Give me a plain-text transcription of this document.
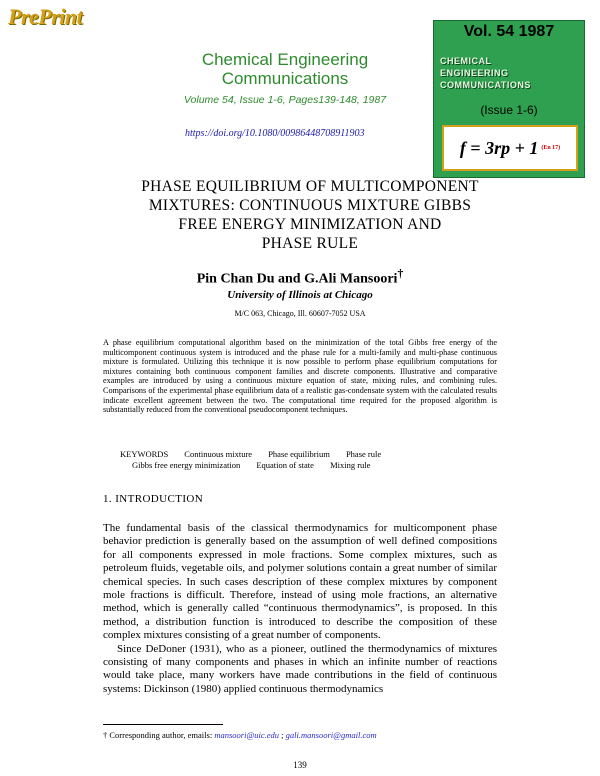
PrePrint
Chemical Engineering
Communications
Volume 54, Issue 1-6, Pages139-148, 1987
https://doi.org/10.1080/00986448708911903
Vol. 54 1987
CHEMICAL
ENGINEERING
COMMUNICATIONS
(Issue 1-6)
f = 3rp + 1 (En 17)
PHASE EQUILIBRIUM OF MULTICOMPONENT
MIXTURES: CONTINUOUS MIXTURE GIBBS
FREE ENERGY MINIMIZATION AND
PHASE RULE
Pin Chan Du and G.Ali Mansoori†
University of Illinois at Chicago
M/C 063, Chicago, Ill. 60607-7052 USA
A phase equilibrium computational algorithm based on the minimization of the total Gibbs free energy of the multicomponent continuous system is introduced and the phase rule for a multi-family and multi-phase continuous mixture is formulated. Utilizing this technique it is now possible to perform phase equilibrium computations for mixtures containing both continuous component families and discrete components. Illustrative and comparative examples are introduced by using a continuous mixture equation of state, mixing rules, and combining rules. Comparisons of the experimental phase equilibrium data of a realistic gas-condensate system with the calculated results indicate excellent agreement between the two. The computational time required for the proposed algorithm is substantially reduced from the conventional pseudocomponent techniques.
KEYWORDS Continuous mixture Phase equilibrium Phase rule
Gibbs free energy minimization Equation of state Mixing rule
1. INTRODUCTION

The fundamental basis of the classical thermodynamics for multicomponent phase behavior prediction is generally based on the assumption of well defined compositions for all components expressed in mole fractions. Some complex mixtures, such as petroleum fluids, vegetable oils, and polymer solutions contain a great number of similar chemical species. In such cases description of these complex mixtures by component mole fractions is difficult. Therefore, instead of using mole fractions, an alternative method, which is generally called “continuous thermodynamics”, is proposed. In this method, a distribution function is introduced to describe the composition of these complex mixtures consisting of a great number of components.

Since DeDoner (1931), who as a pioneer, outlined the thermodynamics of mixtures consisting of many components and phases in which an infinite number of reactions would take place, many workers have made contributions in the field of continuous systems: Dickinson (1980) applied continuous thermodynamics

† Corresponding author, emails: mansoori@uic.edu ; gali.mansoori@gmail.com
139
